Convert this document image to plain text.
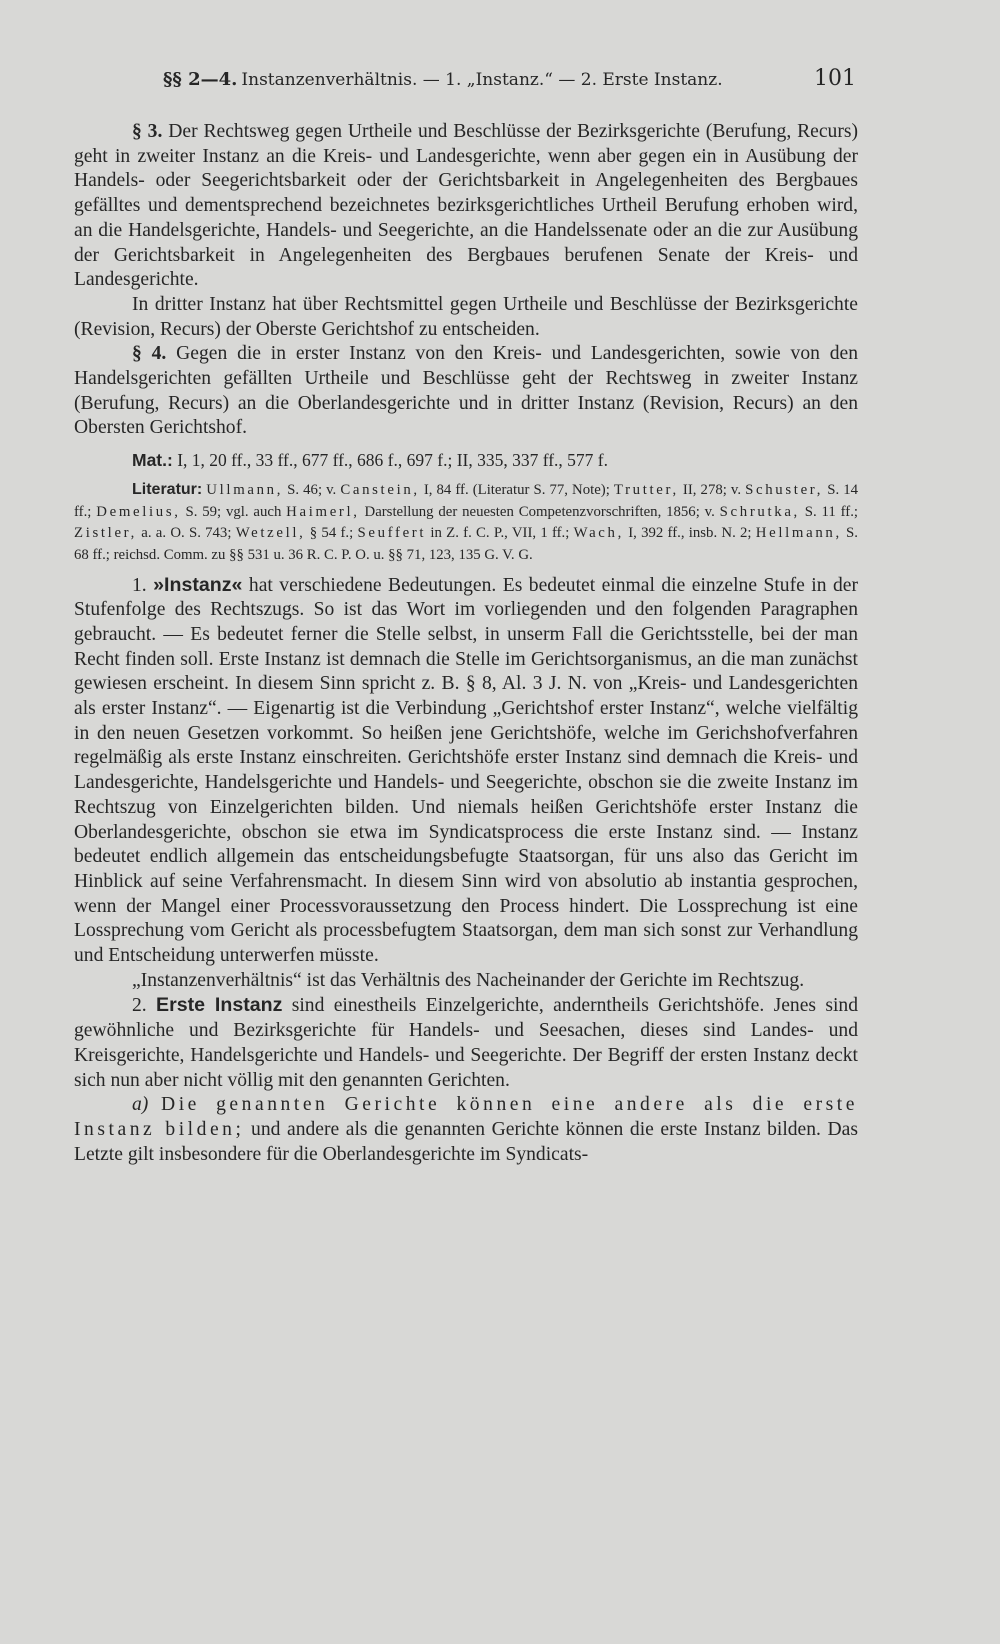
§§ 2—4. Instanzenverhältnis. — 1. „Instanz.“ — 2. Erste Instanz.	101

§ 3. Der Rechtsweg gegen Urtheile und Beschlüsse der Bezirksgerichte (Berufung, Recurs) geht in zweiter Instanz an die Kreis- und Landesgerichte, wenn aber gegen ein in Ausübung der Handels- oder Seegerichtsbarkeit oder der Gerichtsbarkeit in Angelegenheiten des Bergbaues gefälltes und dementsprechend bezeichnetes bezirksgerichtliches Urtheil Berufung erhoben wird, an die Handelsgerichte, Handels- und Seegerichte, an die Handelssenate oder an die zur Ausübung der Gerichtsbarkeit in Angelegenheiten des Bergbaues berufenen Senate der Kreis- und Landesgerichte.

In dritter Instanz hat über Rechtsmittel gegen Urtheile und Beschlüsse der Bezirksgerichte (Revision, Recurs) der Oberste Gerichtshof zu entscheiden.

§ 4. Gegen die in erster Instanz von den Kreis- und Landesgerichten, sowie von den Handelsgerichten gefällten Urtheile und Beschlüsse geht der Rechtsweg in zweiter Instanz (Berufung, Recurs) an die Oberlandesgerichte und in dritter Instanz (Revision, Recurs) an den Obersten Gerichtshof.

Mat.: I, 1, 20 ff., 33 ff., 677 ff., 686 f., 697 f.; II, 335, 337 ff., 577 f.

Literatur: Ullmann, S. 46; v. Canstein, I, 84 ff. (Literatur S. 77, Note); Trutter, II, 278; v. Schuster, S. 14 ff.; Demelius, S. 59; vgl. auch Haimerl, Darstellung der neuesten Competenzvorschriften, 1856; v. Schrutka, S. 11 ff.; Zistler, a. a. O. S. 743; Wetzell, § 54 f.; Seuffert in Z. f. C. P., VII, 1 ff.; Wach, I, 392 ff., insb. N. 2; Hellmann, S. 68 ff.; reichsd. Comm. zu §§ 531 u. 36 R. C. P. O. u. §§ 71, 123, 135 G. V. G.

1. »Instanz« hat verschiedene Bedeutungen. Es bedeutet einmal die einzelne Stufe in der Stufenfolge des Rechtszugs. So ist das Wort im vorliegenden und den folgenden Paragraphen gebraucht. — Es bedeutet ferner die Stelle selbst, in unserm Fall die Gerichtsstelle, bei der man Recht finden soll. Erste Instanz ist demnach die Stelle im Gerichtsorganismus, an die man zunächst gewiesen erscheint. In diesem Sinn spricht z. B. § 8, Al. 3 J. N. von „Kreis- und Landesgerichten als erster Instanz“. — Eigenartig ist die Verbindung „Gerichtshof erster Instanz“, welche vielfältig in den neuen Gesetzen vorkommt. So heißen jene Gerichtshöfe, welche im Gerichshofverfahren regelmäßig als erste Instanz einschreiten. Gerichtshöfe erster Instanz sind demnach die Kreis- und Landesgerichte, Handelsgerichte und Handels- und Seegerichte, obschon sie die zweite Instanz im Rechtszug von Einzelgerichten bilden. Und niemals heißen Gerichtshöfe erster Instanz die Oberlandesgerichte, obschon sie etwa im Syndicatsprocess die erste Instanz sind. — Instanz bedeutet endlich allgemein das entscheidungsbefugte Staatsorgan, für uns also das Gericht im Hinblick auf seine Verfahrensmacht. In diesem Sinn wird von absolutio ab instantia gesprochen, wenn der Mangel einer Processvoraussetzung den Process hindert. Die Lossprechung ist eine Lossprechung vom Gericht als processbefugtem Staatsorgan, dem man sich sonst zur Verhandlung und Entscheidung unterwerfen müsste.

„Instanzenverhältnis“ ist das Verhältnis des Nacheinander der Gerichte im Rechtszug.

2. Erste Instanz sind einestheils Einzelgerichte, anderntheils Gerichtshöfe. Jenes sind gewöhnliche und Bezirksgerichte für Handels- und Seesachen, dieses sind Landes- und Kreisgerichte, Handelsgerichte und Handels- und Seegerichte. Der Begriff der ersten Instanz deckt sich nun aber nicht völlig mit den genannten Gerichten.

a) Die genannten Gerichte können eine andere als die erste Instanz bilden; und andere als die genannten Gerichte können die erste Instanz bilden. Das Letzte gilt insbesondere für die Oberlandesgerichte im Syndicats-
